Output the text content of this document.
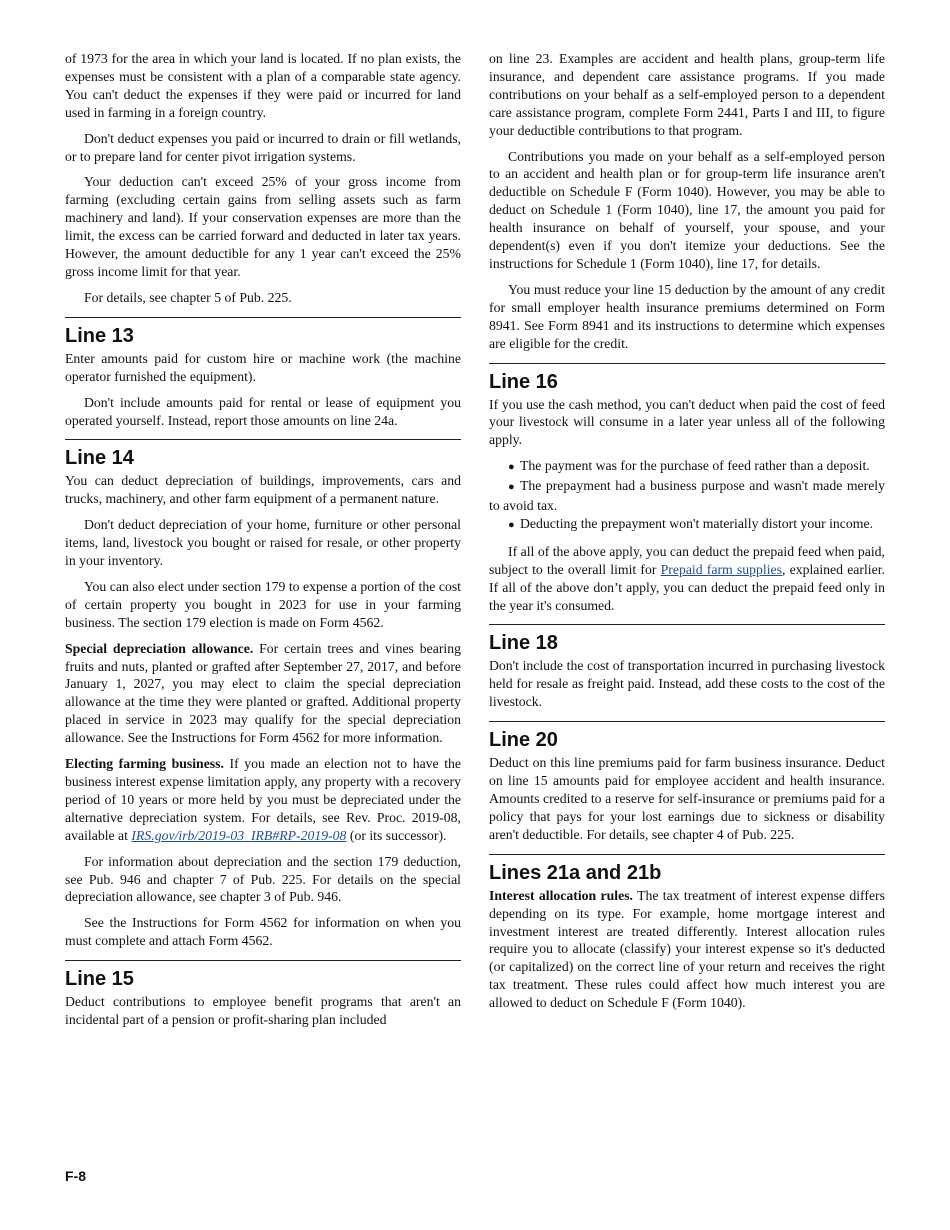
of 1973 for the area in which your land is located. If no plan exists, the expenses must be consistent with a plan of a comparable state agency. You can't deduct the expenses if they were paid or incurred for land used in farming in a foreign country.

Don't deduct expenses you paid or incurred to drain or fill wetlands, or to prepare land for center pivot irrigation systems.

Your deduction can't exceed 25% of your gross income from farming (excluding certain gains from selling assets such as farm machinery and land). If your conservation expenses are more than the limit, the excess can be carried forward and deducted in later tax years. However, the amount deductible for any 1 year can't exceed the 25% gross income limit for that year.

For details, see chapter 5 of Pub. 225.

Line 13

Enter amounts paid for custom hire or machine work (the machine operator furnished the equipment).

Don't include amounts paid for rental or lease of equipment you operated yourself. Instead, report those amounts on line 24a.

Line 14

You can deduct depreciation of buildings, improvements, cars and trucks, machinery, and other farm equipment of a permanent nature.

Don't deduct depreciation of your home, furniture or other personal items, land, livestock you bought or raised for resale, or other property in your inventory.

You can also elect under section 179 to expense a portion of the cost of certain property you bought in 2023 for use in your farming business. The section 179 election is made on Form 4562.

Special depreciation allowance. For certain trees and vines bearing fruits and nuts, planted or grafted after September 27, 2017, and before January 1, 2027, you may elect to claim the special depreciation allowance at the time they were planted or grafted. Additional property placed in service in 2023 may qualify for the special depreciation allowance. See the Instructions for Form 4562 for more information.

Electing farming business. If you made an election not to have the business interest expense limitation apply, any property with a recovery period of 10 years or more held by you must be depreciated under the alternative depreciation system. For details, see Rev. Proc. 2019-08, available at IRS.gov/irb/2019-03_IRB#RP-2019-08 (or its successor).

For information about depreciation and the section 179 deduction, see Pub. 946 and chapter 7 of Pub. 225. For details on the special depreciation allowance, see chapter 3 of Pub. 946.

See the Instructions for Form 4562 for information on when you must complete and attach Form 4562.

Line 15

Deduct contributions to employee benefit programs that aren't an incidental part of a pension or profit-sharing plan included

on line 23. Examples are accident and health plans, group-term life insurance, and dependent care assistance programs. If you made contributions on your behalf as a self-employed person to a dependent care assistance program, complete Form 2441, Parts I and III, to figure your deductible contributions to that program.

Contributions you made on your behalf as a self-employed person to an accident and health plan or for group-term life insurance aren't deductible on Schedule F (Form 1040). However, you may be able to deduct on Schedule 1 (Form 1040), line 17, the amount you paid for health insurance on behalf of yourself, your spouse, and your dependent(s) even if you don't itemize your deductions. See the instructions for Schedule 1 (Form 1040), line 17, for details.

You must reduce your line 15 deduction by the amount of any credit for small employer health insurance premiums determined on Form 8941. See Form 8941 and its instructions to determine which expenses are eligible for the credit.

Line 16

If you use the cash method, you can't deduct when paid the cost of feed your livestock will consume in a later year unless all of the following apply.

● The payment was for the purchase of feed rather than a deposit.
● The prepayment had a business purpose and wasn't made merely to avoid tax.
● Deducting the prepayment won't materially distort your income.

If all of the above apply, you can deduct the prepaid feed when paid, subject to the overall limit for Prepaid farm supplies, explained earlier. If all of the above don’t apply, you can deduct the prepaid feed only in the year it's consumed.

Line 18

Don't include the cost of transportation incurred in purchasing livestock held for resale as freight paid. Instead, add these costs to the cost of the livestock.

Line 20

Deduct on this line premiums paid for farm business insurance. Deduct on line 15 amounts paid for employee accident and health insurance. Amounts credited to a reserve for self-insurance or premiums paid for a policy that pays for your lost earnings due to sickness or disability aren't deductible. For details, see chapter 4 of Pub. 225.

Lines 21a and 21b

Interest allocation rules. The tax treatment of interest expense differs depending on its type. For example, home mortgage interest and investment interest are treated differently. Interest allocation rules require you to allocate (classify) your interest expense so it's deducted (or capitalized) on the correct line of your return and receives the right tax treatment. These rules could affect how much interest you are allowed to deduct on Schedule F (Form 1040).

F-8
